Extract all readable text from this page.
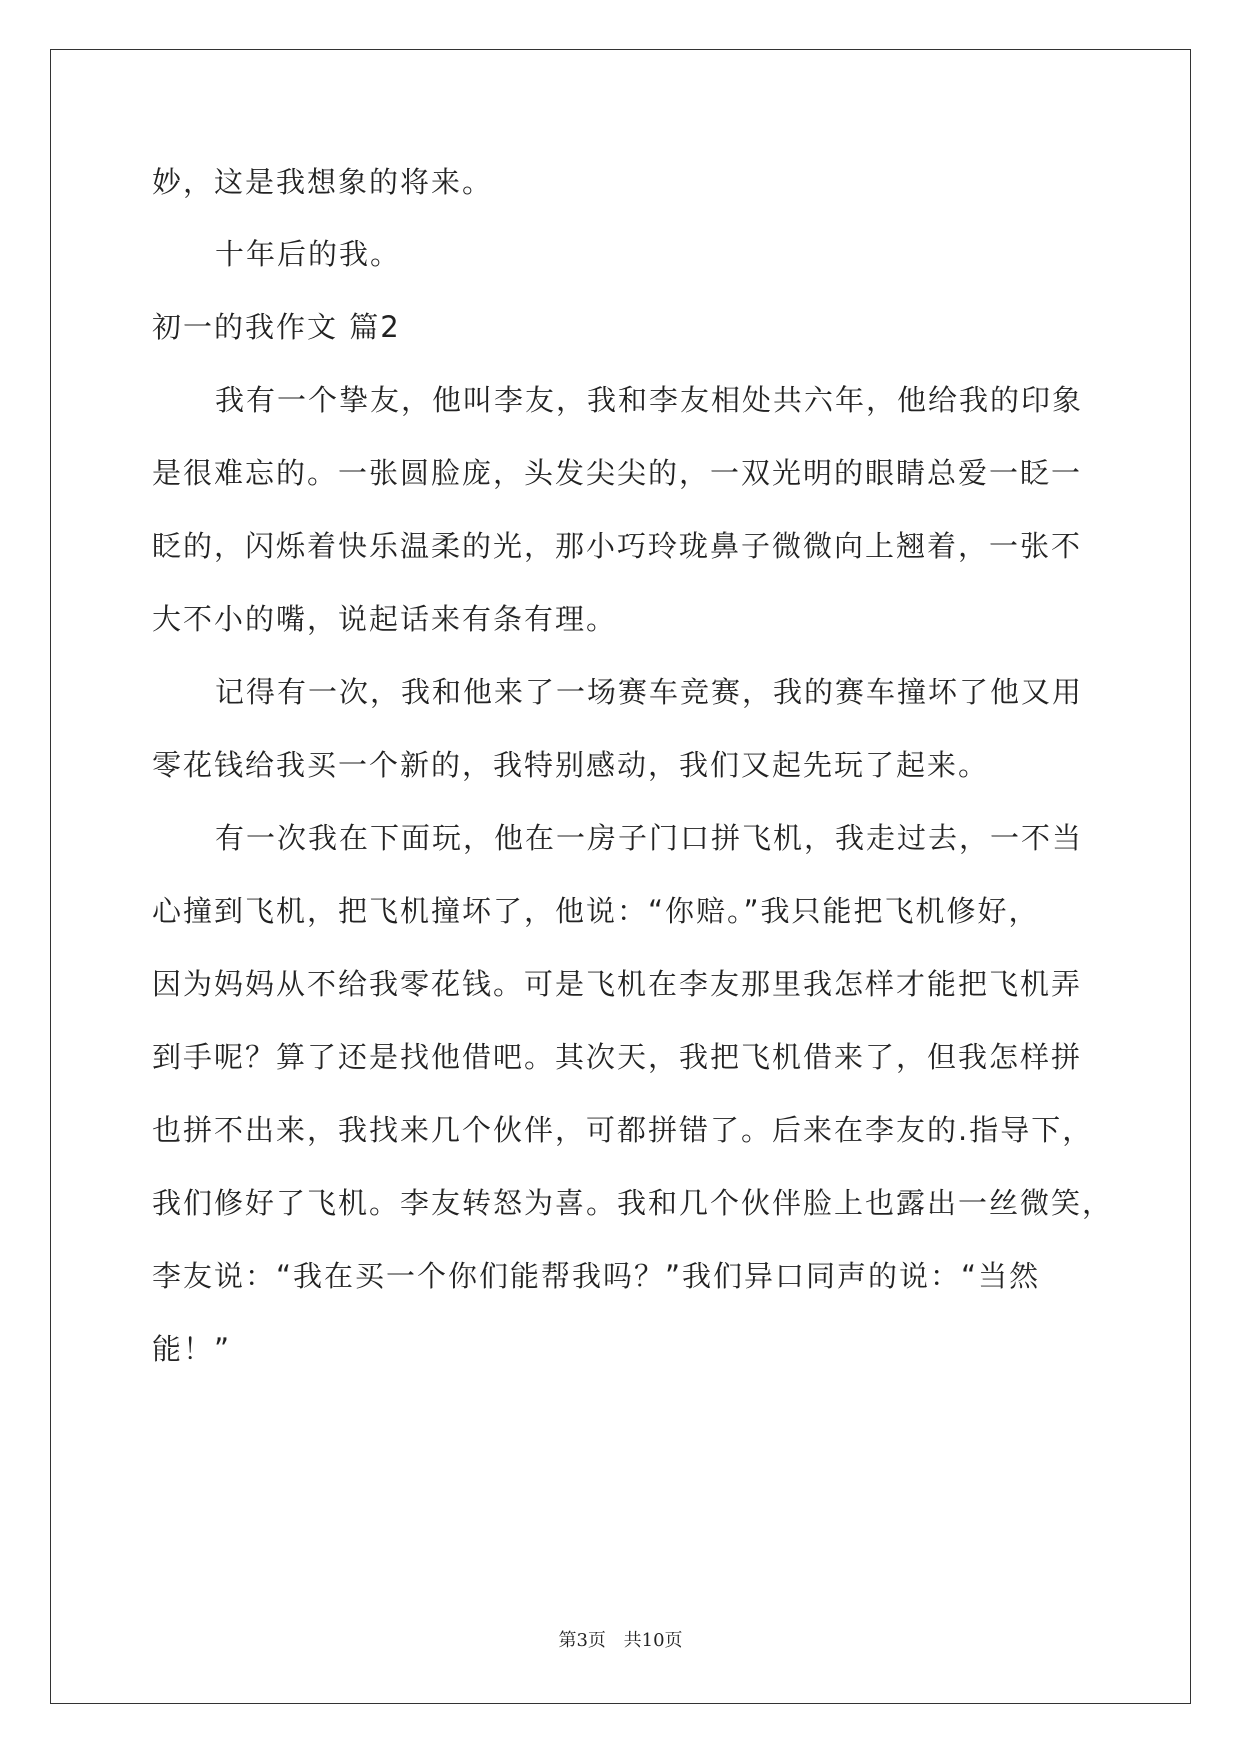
妙，这是我想象的将来。
十年后的我。
初一的我作文 篇2
我有一个挚友，他叫李友，我和李友相处共六年，他给我的印象
是很难忘的。一张圆脸庞，头发尖尖的，一双光明的眼睛总爱一眨一
眨的，闪烁着快乐温柔的光，那小巧玲珑鼻子微微向上翘着，一张不
大不小的嘴，说起话来有条有理。
记得有一次，我和他来了一场赛车竞赛，我的赛车撞坏了他又用
零花钱给我买一个新的，我特别感动，我们又起先玩了起来。
有一次我在下面玩，他在一房子门口拼飞机，我走过去，一不当
心撞到飞机，把飞机撞坏了，他说：“你赔。”我只能把飞机修好，
因为妈妈从不给我零花钱。可是飞机在李友那里我怎样才能把飞机弄
到手呢？算了还是找他借吧。其次天，我把飞机借来了，但我怎样拼
也拼不出来，我找来几个伙伴，可都拼错了。后来在李友的.指导下，
我们修好了飞机。李友转怒为喜。我和几个伙伴脸上也露出一丝微笑，
李友说：“我在买一个你们能帮我吗？”我们异口同声的说：“当然
能！”
第3页 共10页
